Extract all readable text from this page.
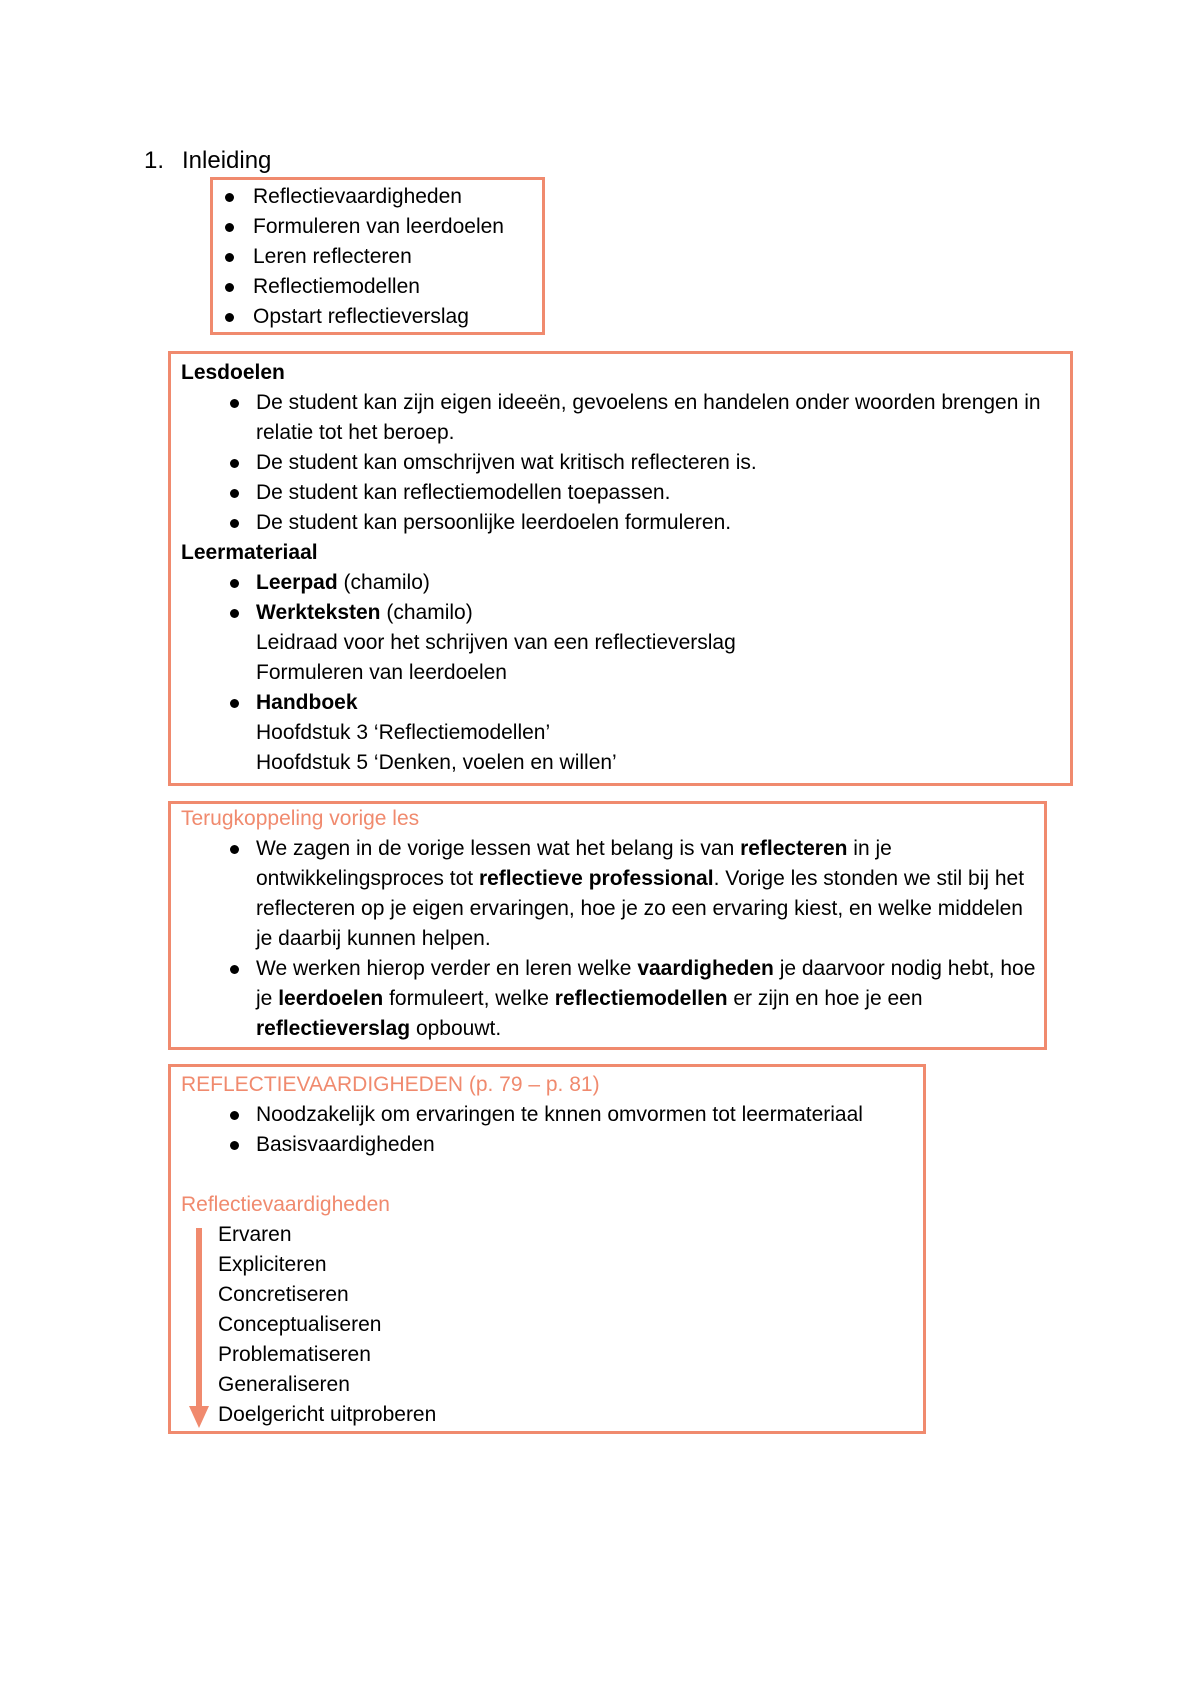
1. Inleiding
Reflectievaardigheden
Formuleren van leerdoelen
Leren reflecteren
Reflectiemodellen
Opstart reflectieverslag
Lesdoelen
De student kan zijn eigen ideeën, gevoelens en handelen onder woorden brengen in relatie tot het beroep.
De student kan omschrijven wat kritisch reflecteren is.
De student kan reflectiemodellen toepassen.
De student kan persoonlijke leerdoelen formuleren.
Leermateriaal
Leerpad (chamilo)
Werkteksten (chamilo)
Leidraad voor het schrijven van een reflectieverslag
Formuleren van leerdoelen
Handboek
Hoofdstuk 3 ‘Reflectiemodellen’
Hoofdstuk 5 ‘Denken, voelen en willen’
Terugkoppeling vorige les
We zagen in de vorige lessen wat het belang is van reflecteren in je ontwikkelingsproces tot reflectieve professional. Vorige les stonden we stil bij het reflecteren op je eigen ervaringen, hoe je zo een ervaring kiest, en welke middelen je daarbij kunnen helpen.
We werken hierop verder en leren welke vaardigheden je daarvoor nodig hebt, hoe je leerdoelen formuleert, welke reflectiemodellen er zijn en hoe je een reflectieverslag opbouwt.
REFLECTIEVAARDIGHEDEN (p. 79 – p. 81)
Noodzakelijk om ervaringen te knnen omvormen tot leermateriaal
Basisvaardigheden
Reflectievaardigheden
Ervaren
Expliciteren
Concretiseren
Conceptualiseren
Problematiseren
Generaliseren
Doelgericht uitproberen
